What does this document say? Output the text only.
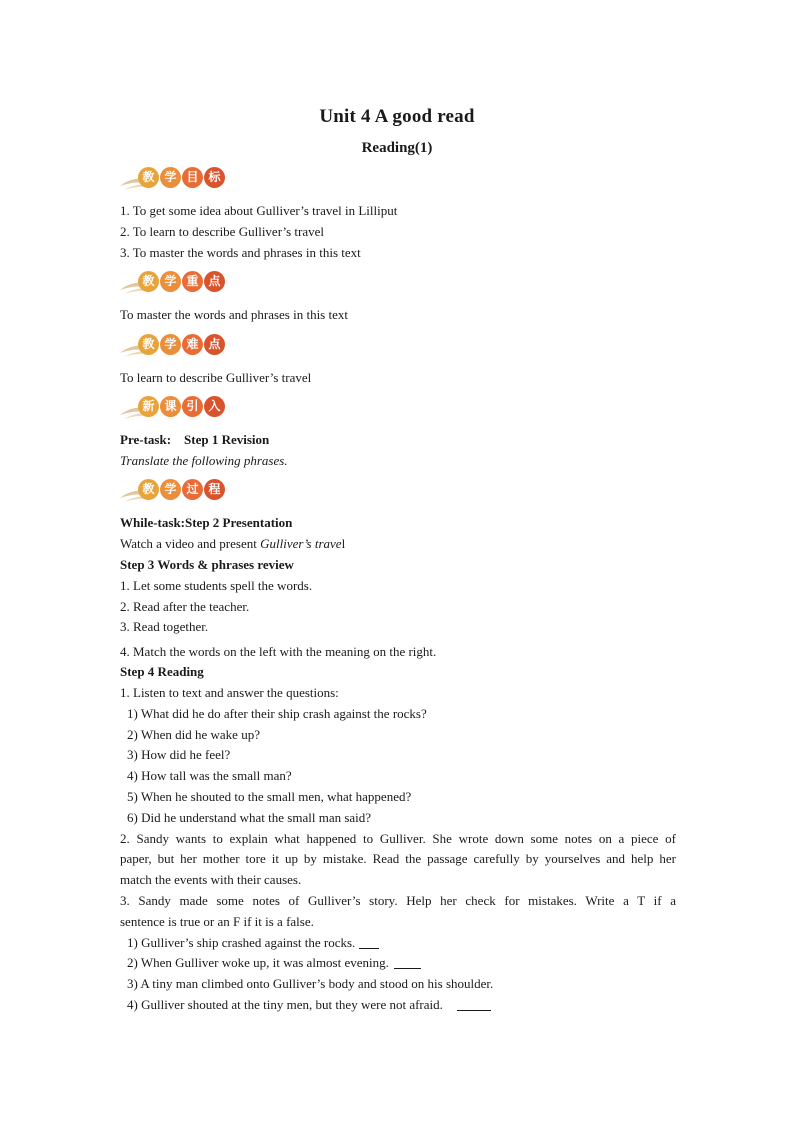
Unit 4 A good read
Reading(1)
教 学 目 标
1. To get some idea about Gulliver’s travel in Lilliput
2. To learn to describe Gulliver’s travel
3. To master the words and phrases in this text
教 学 重 点
To master the words and phrases in this text
教 学 难 点
To learn to describe Gulliver’s travel
新 课 引 入
Pre-task: Step 1 Revision
Translate the following phrases.
教 学 过 程
While-task:Step 2 Presentation
Watch a video and present Gulliver’s travel
Step 3 Words & phrases review
1. Let some students spell the words.
2. Read after the teacher.
3. Read together.
4. Match the words on the left with the meaning on the right.
Step 4 Reading
1. Listen to text and answer the questions:
1) What did he do after their ship crash against the rocks?
2) When did he wake up?
3) How did he feel?
4) How tall was the small man?
5) When he shouted to the small men, what happened?
6) Did he understand what the small man said?
2. Sandy wants to explain what happened to Gulliver. She wrote down some notes on a piece of
paper, but her mother tore it up by mistake. Read the passage carefully by yourselves and help her
match the events with their causes.
3. Sandy made some notes of Gulliver’s story. Help her check for mistakes. Write a T if a
sentence is true or an F if it is a false.
1) Gulliver’s ship crashed against the rocks.
2) When Gulliver woke up, it was almost evening.
3) A tiny man climbed onto Gulliver’s body and stood on his shoulder.
4) Gulliver shouted at the tiny men, but they were not afraid.
